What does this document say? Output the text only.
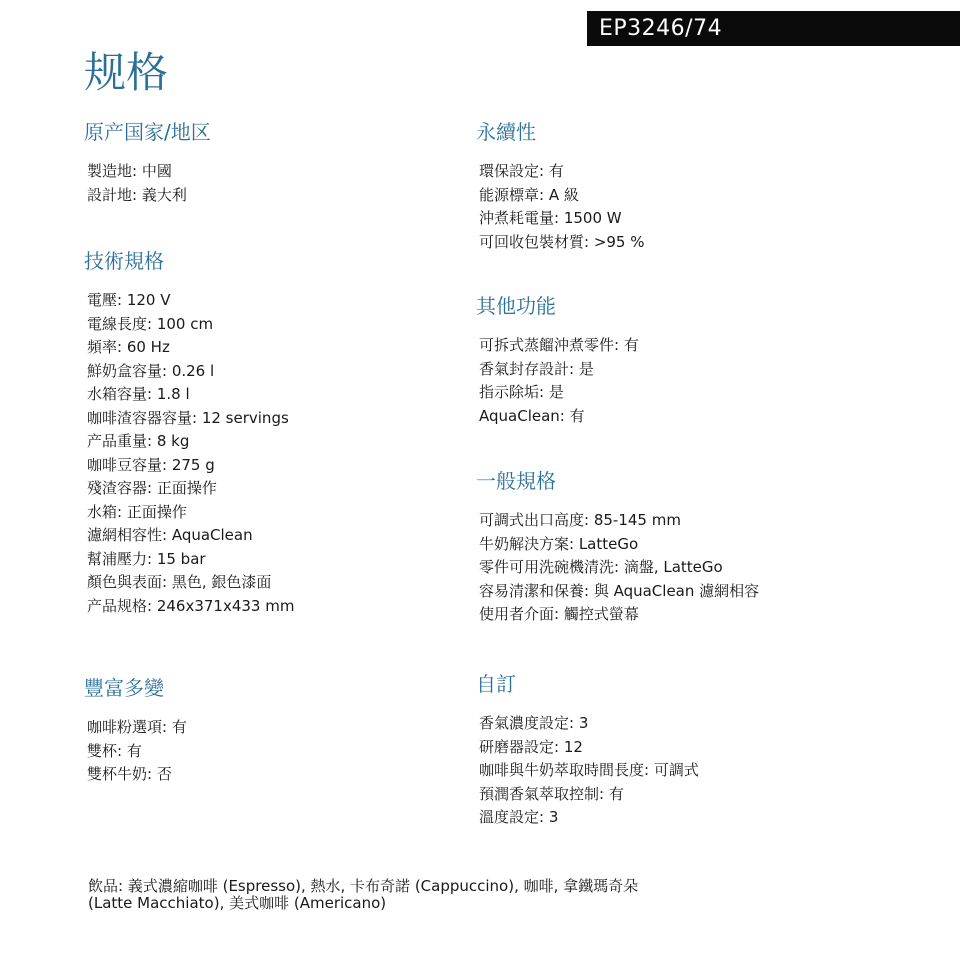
EP3246/74
规格
原产国家/地区
製造地: 中國
設計地: 義大利
技術規格
電壓: 120 V
電線長度: 100 cm
頻率: 60 Hz
鮮奶盒容量: 0.26 l
水箱容量: 1.8 l
咖啡渣容器容量: 12 servings
产品重量: 8 kg
咖啡豆容量: 275 g
殘渣容器: 正面操作
水箱: 正面操作
濾網相容性: AquaClean
幫浦壓力: 15 bar
顏色與表面: 黑色, 銀色漆面
产品规格: 246x371x433 mm
豐富多變
咖啡粉選項: 有
雙杯: 有
雙杯牛奶: 否
永續性
環保設定: 有
能源標章: A 級
沖煮耗電量: 1500 W
可回收包裝材質: >95 %
其他功能
可拆式蒸餾沖煮零件: 有
香氣封存設計: 是
指示除垢: 是
AquaClean: 有
一般規格
可調式出口高度: 85-145 mm
牛奶解決方案: LatteGo
零件可用洗碗機清洗: 滴盤, LatteGo
容易清潔和保養: 與 AquaClean 濾網相容
使用者介面: 觸控式螢幕
自訂
香氣濃度設定: 3
研磨器設定: 12
咖啡與牛奶萃取時間長度: 可調式
預潤香氣萃取控制: 有
溫度設定: 3

飲品: 義式濃縮咖啡 (Espresso), 熱水, 卡布奇諾 (Cappuccino), 咖啡, 拿鐵瑪奇朵 (Latte Macchiato), 美式咖啡 (Americano)
